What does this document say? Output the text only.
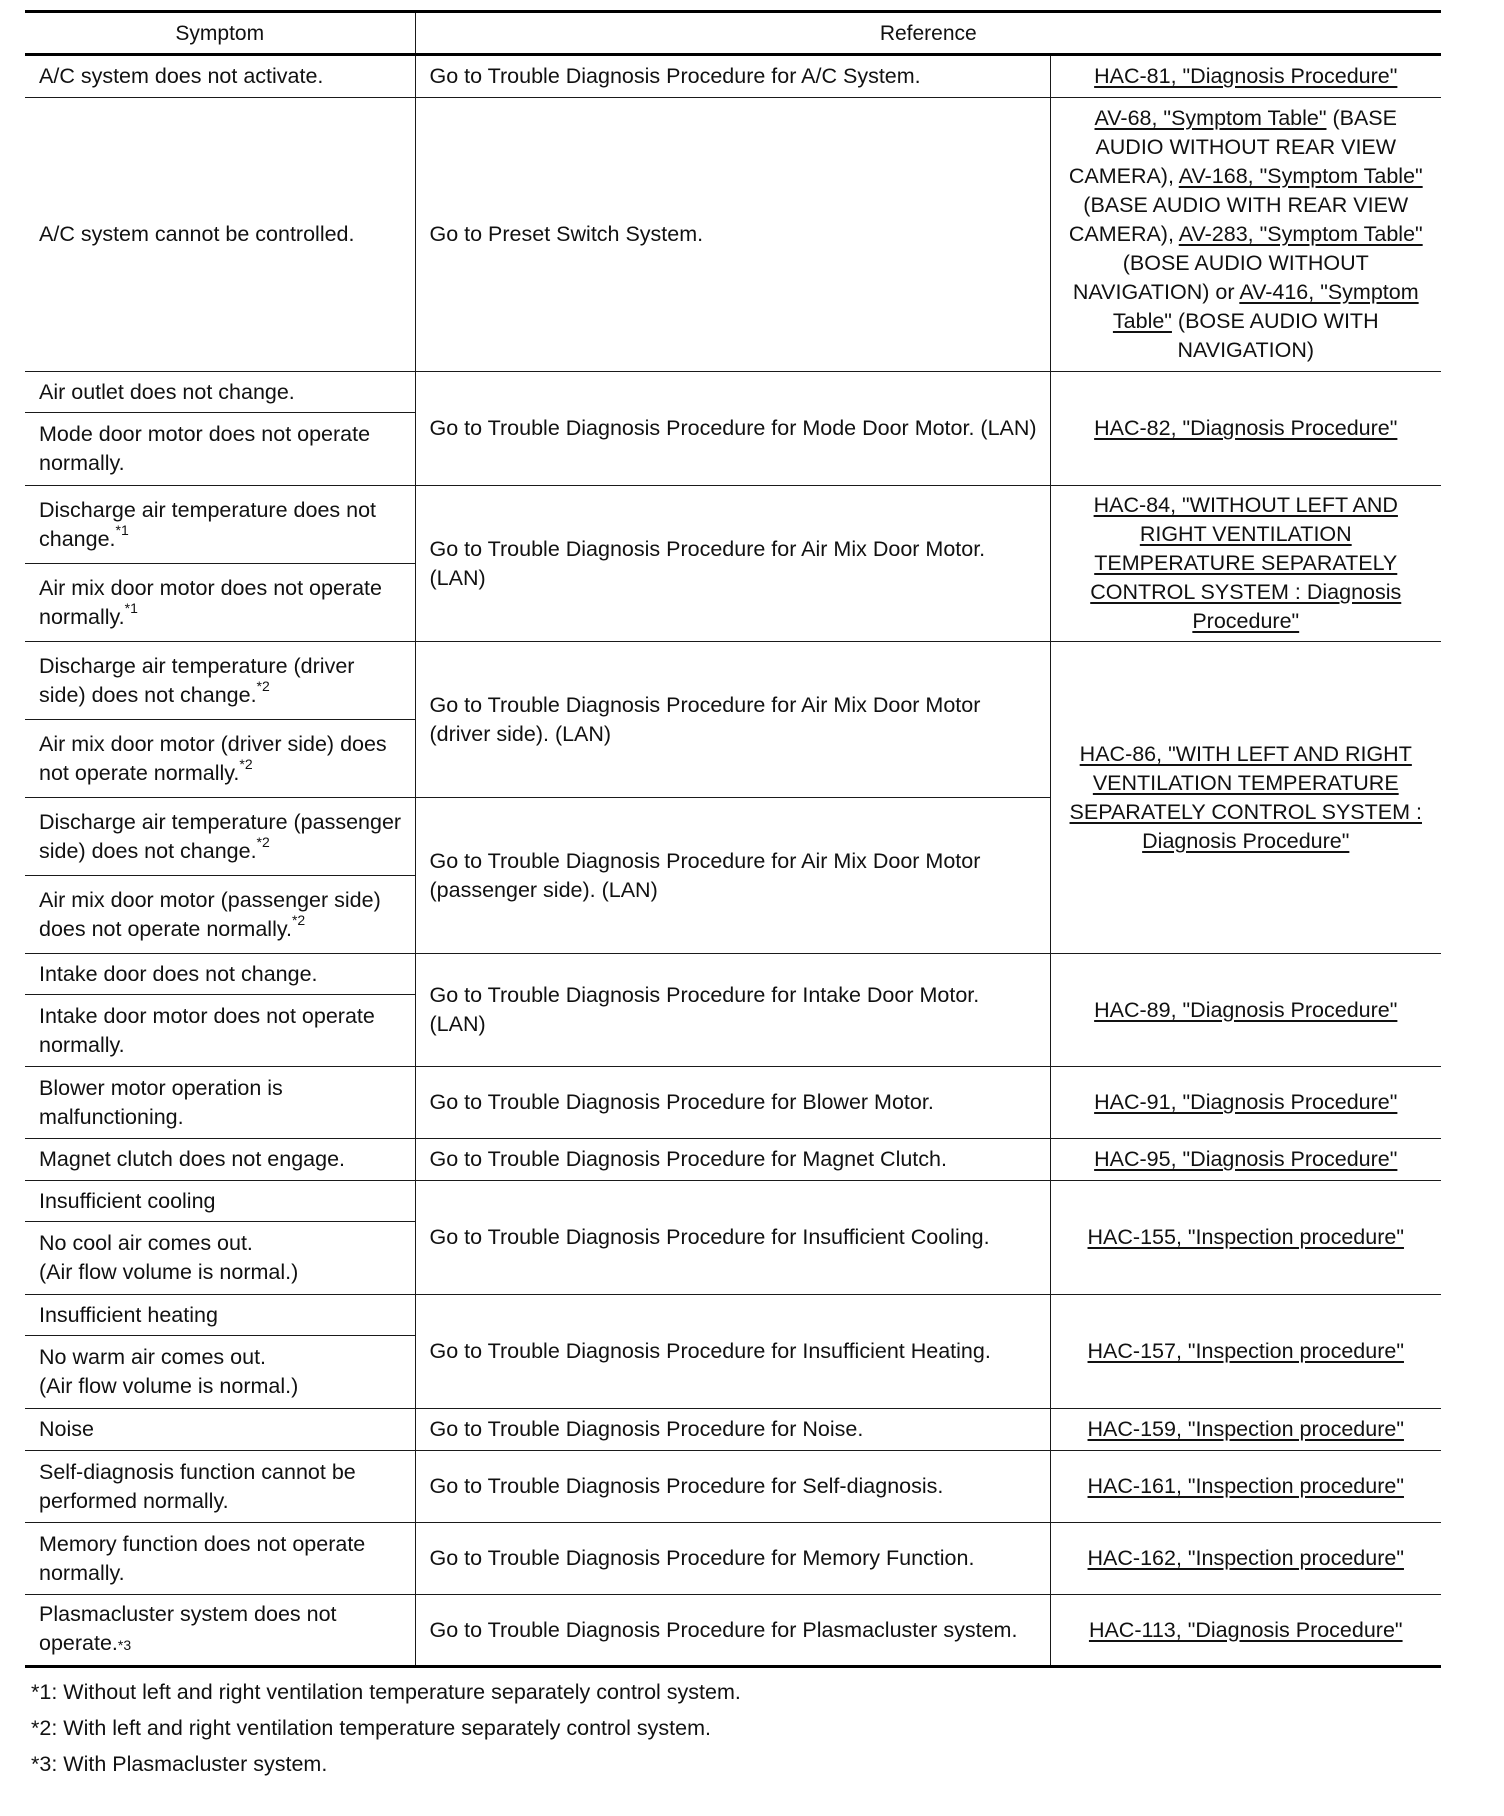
Symptom	Reference	
A/C system does not activate.	Go to Trouble Diagnosis Procedure for A/C System.	HAC-81, "Diagnosis Procedure"
A/C system cannot be controlled.	Go to Preset Switch System.	AV-68, "Symptom Table" (BASE AUDIO WITHOUT REAR VIEW CAMERA), AV-168, "Symptom Table" (BASE AUDIO WITH REAR VIEW CAMERA), AV-283, "Symptom Table" (BOSE AUDIO WITHOUT NAVIGATION) or AV-416, "Symptom Table" (BOSE AUDIO WITH NAVIGATION)
Air outlet does not change.	Go to Trouble Diagnosis Procedure for Mode Door Motor. (LAN)	HAC-82, "Diagnosis Procedure"
Mode door motor does not operate normally.		
Discharge air temperature does not change.$^{*1}$	Go to Trouble Diagnosis Procedure for Air Mix Door Motor. (LAN)	HAC-84, "WITHOUT LEFT AND RIGHT VENTILATION TEMPERATURE SEPARATELY CONTROL SYSTEM : Diagnosis Procedure"
Air mix door motor does not operate normally.$^{*1}$
Discharge air temperature (driver side) does not change.$^{*2}$	Go to Trouble Diagnosis Procedure for Air Mix Door Motor (driver side). (LAN)	HAC-86, "WITH LEFT AND RIGHT VENTILATION TEMPERATURE SEPARATELY CONTROL SYSTEM : Diagnosis Procedure"
Air mix door motor (driver side) does not operate normally.$^{*2}$
Discharge air temperature (passenger side) does not change.$^{*2}$	Go to Trouble Diagnosis Procedure for Air Mix Door Motor (passenger side). (LAN)	
Air mix door motor (passenger side) does not operate normally.$^{*2}$
Intake door does not change.	Go to Trouble Diagnosis Procedure for Intake Door Motor. (LAN)	HAC-89, "Diagnosis Procedure"
Intake door motor does not operate normally.		
Blower motor operation is malfunctioning.	Go to Trouble Diagnosis Procedure for Blower Motor.	HAC-91, "Diagnosis Procedure"
Magnet clutch does not engage.	Go to Trouble Diagnosis Procedure for Magnet Clutch.	HAC-95, "Diagnosis Procedure"
Insufficient cooling	Go to Trouble Diagnosis Procedure for Insufficient Cooling.	HAC-155, "Inspection procedure"

No cool air comes out.
(Air flow volume is normal.)		

Insufficient heating	Go to Trouble Diagnosis Procedure for Insufficient Heating.	HAC-157, "Inspection procedure"

No warm air comes out.
(Air flow volume is normal.)		

Noise	Go to Trouble Diagnosis Procedure for Noise.	HAC-159, "Inspection procedure"
Self-diagnosis function cannot be performed normally.	Go to Trouble Diagnosis Procedure for Self-diagnosis.	HAC-161, "Inspection procedure"
Memory function does not operate normally.	Go to Trouble Diagnosis Procedure for Memory Function.	HAC-162, "Inspection procedure"
Plasmacluster system does not operate.*3	Go to Trouble Diagnosis Procedure for Plasmacluster system.	HAC-113, "Diagnosis Procedure"

*1: Without left and right ventilation temperature separately control system.

*2: With left and right ventilation temperature separately control system.

*3: With Plasmacluster system.
